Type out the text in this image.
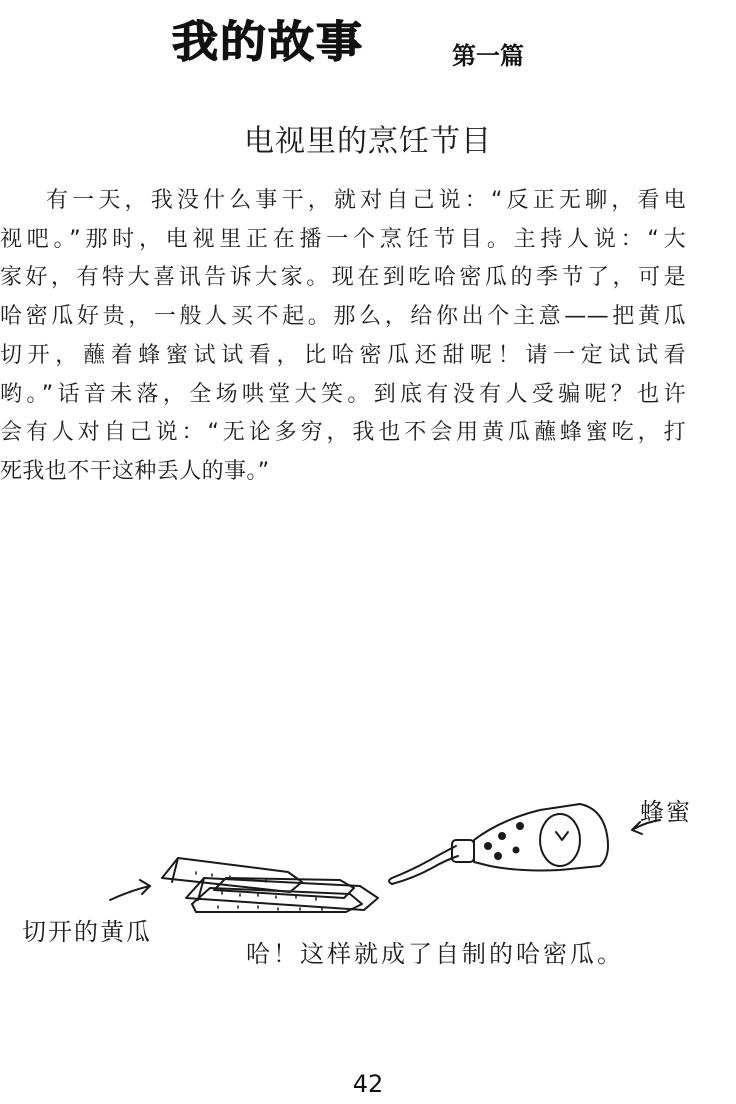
我的故事	第一篇
电视里的烹饪节目
有一天，我没什么事干，就对自己说：“反正无聊，看电
视吧。”那时，电视里正在播一个烹饪节目。主持人说：“大
家好，有特大喜讯告诉大家。现在到吃哈密瓜的季节了，可是
哈密瓜好贵，一般人买不起。那么，给你出个主意——把黄瓜
切开，蘸着蜂蜜试试看，比哈密瓜还甜呢！请一定试试看
哟。”话音未落，全场哄堂大笑。到底有没有人受骗呢？也许
会有人对自己说：“无论多穷，我也不会用黄瓜蘸蜂蜜吃，打
死我也不干这种丢人的事。”
切开的黄瓜
蜂蜜
哈！这样就成了自制的哈密瓜。
42
